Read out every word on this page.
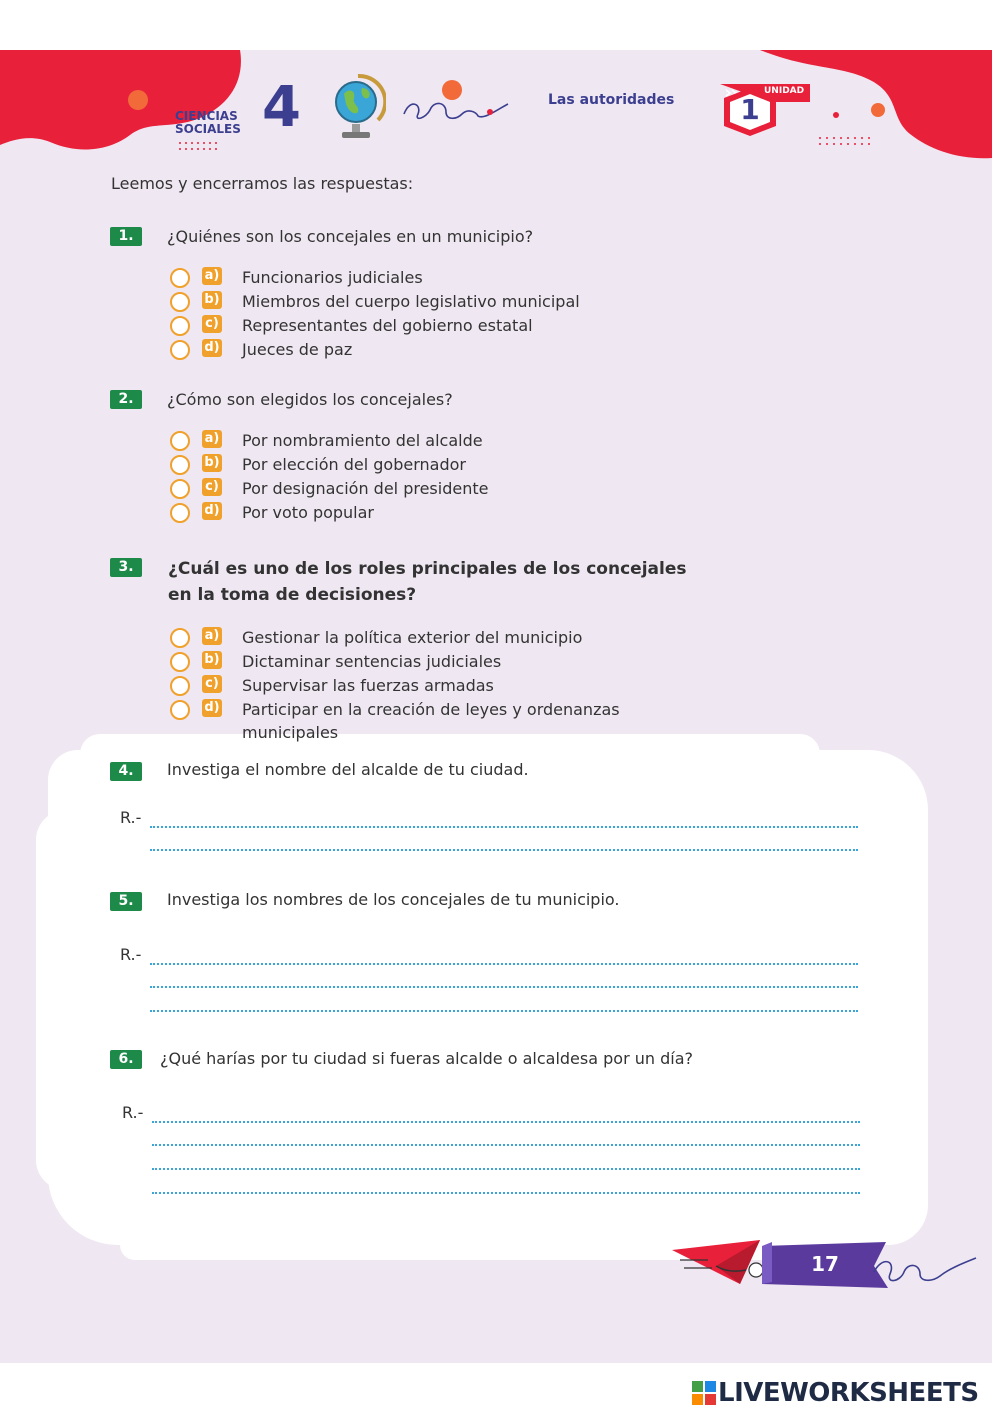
CIENCIAS
SOCIALES 4	Las autoridades
UNIDAD
1
Leemos y encerramos las respuestas:
1.	¿Quiénes son los concejales en un municipio?
a) Funcionarios judiciales
b) Miembros del cuerpo legislativo municipal
c) Representantes del gobierno estatal
d) Jueces de paz
2.	¿Cómo son elegidos los concejales?
a) Por nombramiento del alcalde
b) Por elección del gobernador
c) Por designación del presidente
d) Por voto popular
3.	¿Cuál es uno de los roles principales de los concejales en la toma de decisiones?
a) Gestionar la política exterior del municipio
b) Dictaminar sentencias judiciales
c) Supervisar las fuerzas armadas
d) Participar en la creación de leyes y ordenanzas municipales
4.	Investiga el nombre del alcalde de tu ciudad.
R.-
5.	Investiga los nombres de los concejales de tu municipio.
R.-
6.	¿Qué harías por tu ciudad si fueras alcalde o alcaldesa por un día?
R.-
17
LIVEWORKSHEETS
